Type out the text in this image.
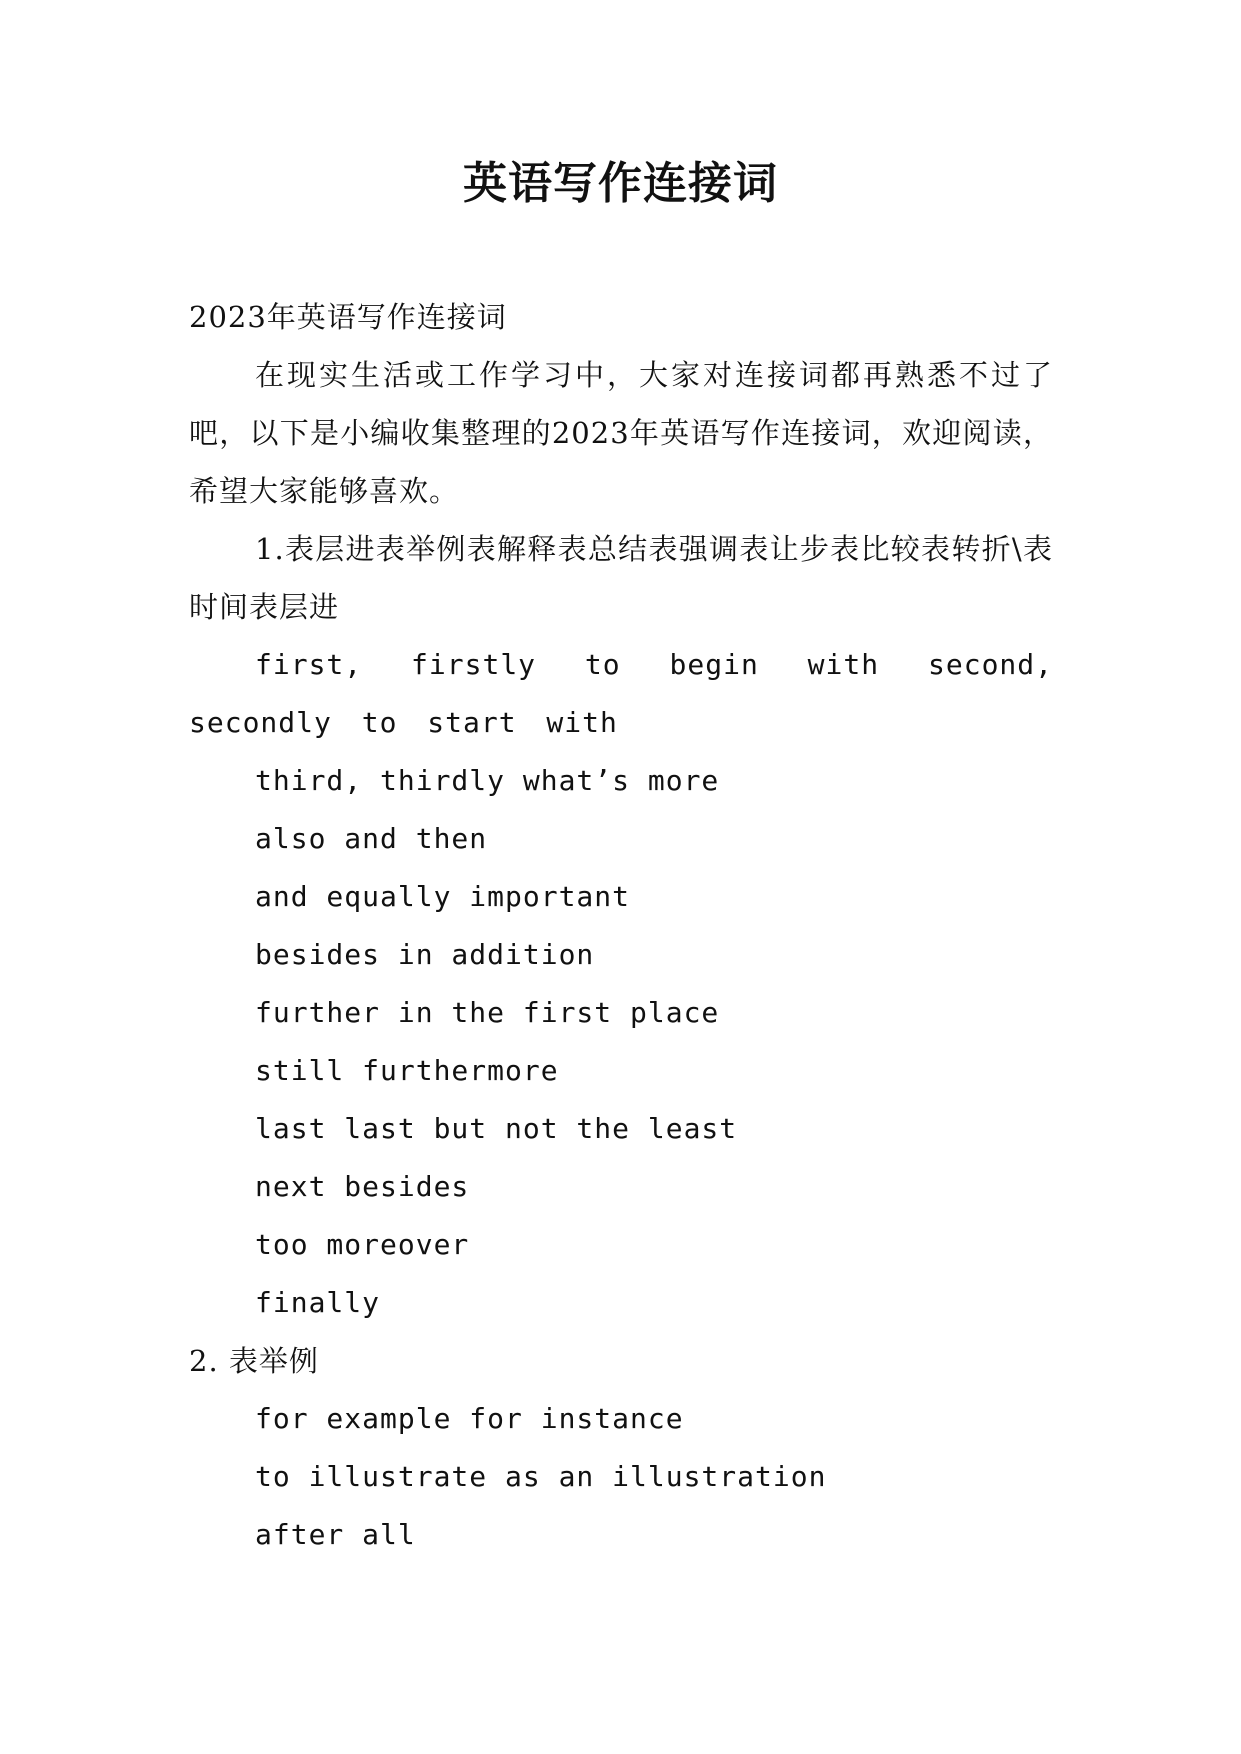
英语写作连接词

2023年英语写作连接词

在现实生活或工作学习中，大家对连接词都再熟悉不过了吧，以下是小编收集整理的2023年英语写作连接词，欢迎阅读，希望大家能够喜欢。

1.表层进表举例表解释表总结表强调表让步表比较表转折\表时间表层进

first, firstly to begin with second, secondly to start with

third, thirdly what’s more
also and then
and equally important
besides in addition
further in the first place
still furthermore
last last but not the least
next besides
too moreover
finally

2. 表举例

for example for instance
to illustrate as an illustration
after all
